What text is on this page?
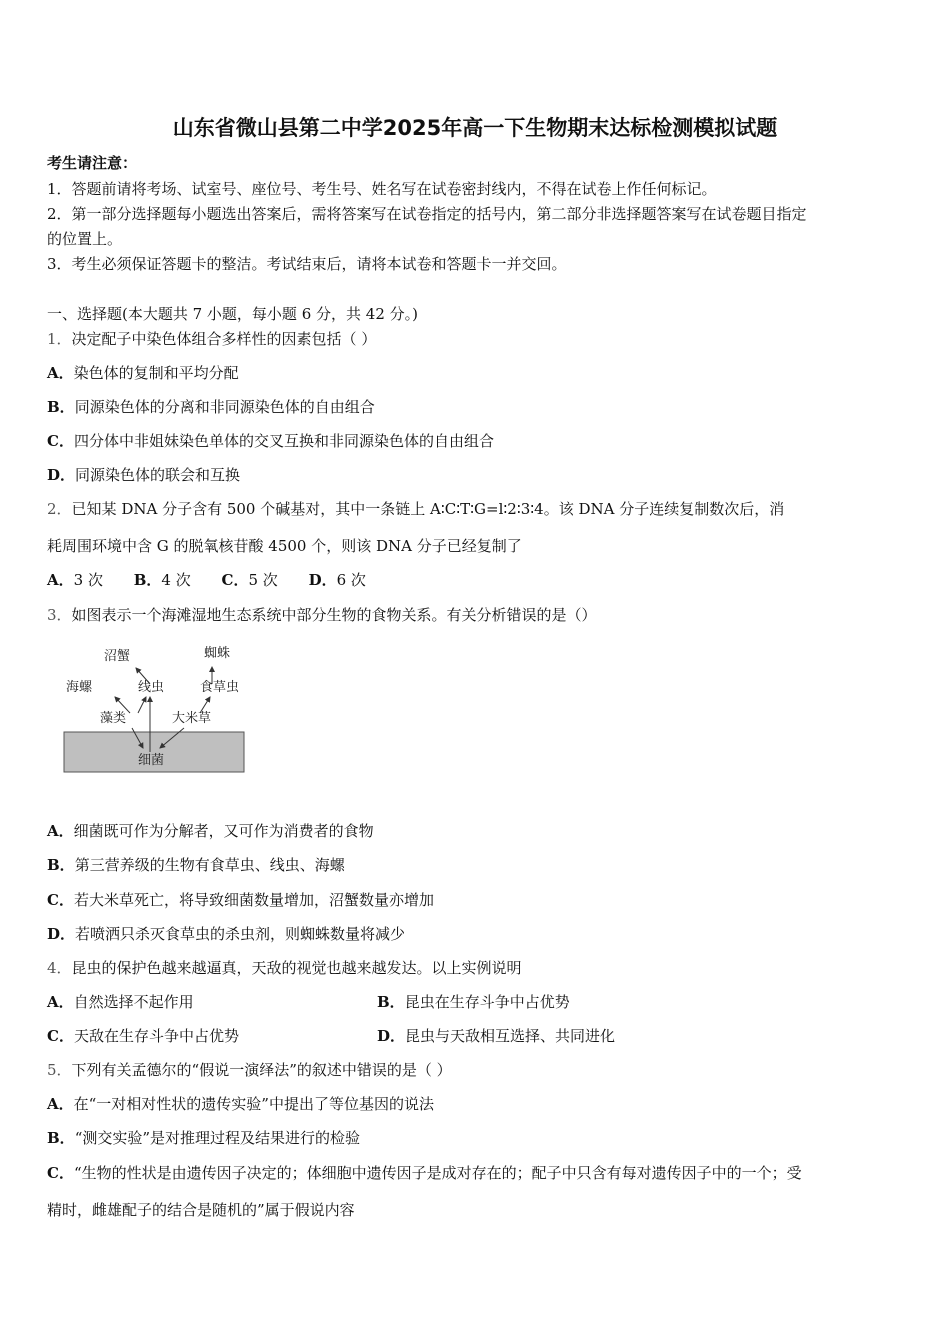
山东省微山县第二中学2025年高一下生物期末达标检测模拟试题
考生请注意：
1．答题前请将考场、试室号、座位号、考生号、姓名写在试卷密封线内，不得在试卷上作任何标记。
2．第一部分选择题每小题选出答案后，需将答案写在试卷指定的括号内，第二部分非选择题答案写在试卷题目指定
的位置上。
3．考生必须保证答题卡的整洁。考试结束后，请将本试卷和答题卡一并交回。
一、选择题(本大题共 7 小题，每小题 6 分，共 42 分。)
1．决定配子中染色体组合多样性的因素包括（ ）
A．染色体的复制和平均分配
B．同源染色体的分离和非同源染色体的自由组合
C．四分体中非姐妹染色单体的交叉互换和非同源染色体的自由组合
D．同源染色体的联会和互换
2．已知某 DNA 分子含有 500 个碱基对，其中一条链上 A∶C∶T∶G=l∶2∶3∶4。该 DNA 分子连续复制数次后，消
耗周围环境中含 G 的脱氧核苷酸 4500 个，则该 DNA 分子已经复制了
A．3 次 B．4 次 C．5 次 D．6 次
3．如图表示一个海滩湿地生态系统中部分生物的食物关系。有关分析错误的是（）
沼蟹	蜘蛛
海螺	线虫	食草虫
藻类	大米草
细菌
A．细菌既可作为分解者，又可作为消费者的食物
B．第三营养级的生物有食草虫、线虫、海螺
C．若大米草死亡，将导致细菌数量增加，沼蟹数量亦增加
D．若喷洒只杀灭食草虫的杀虫剂，则蜘蛛数量将减少
4．昆虫的保护色越来越逼真，天敌的视觉也越来越发达。以上实例说明
A．自然选择不起作用	B．昆虫在生存斗争中占优势
C．天敌在生存斗争中占优势	D．昆虫与天敌相互选择、共同进化
5．下列有关孟德尔的“假说一演绎法”的叙述中错误的是（ ）
A．在“一对相对性状的遗传实验”中提出了等位基因的说法
B．“测交实验”是对推理过程及结果进行的检验
C．“生物的性状是由遗传因子决定的；体细胞中遗传因子是成对存在的；配子中只含有每对遗传因子中的一个；受
精时，雌雄配子的结合是随机的”属于假说内容
